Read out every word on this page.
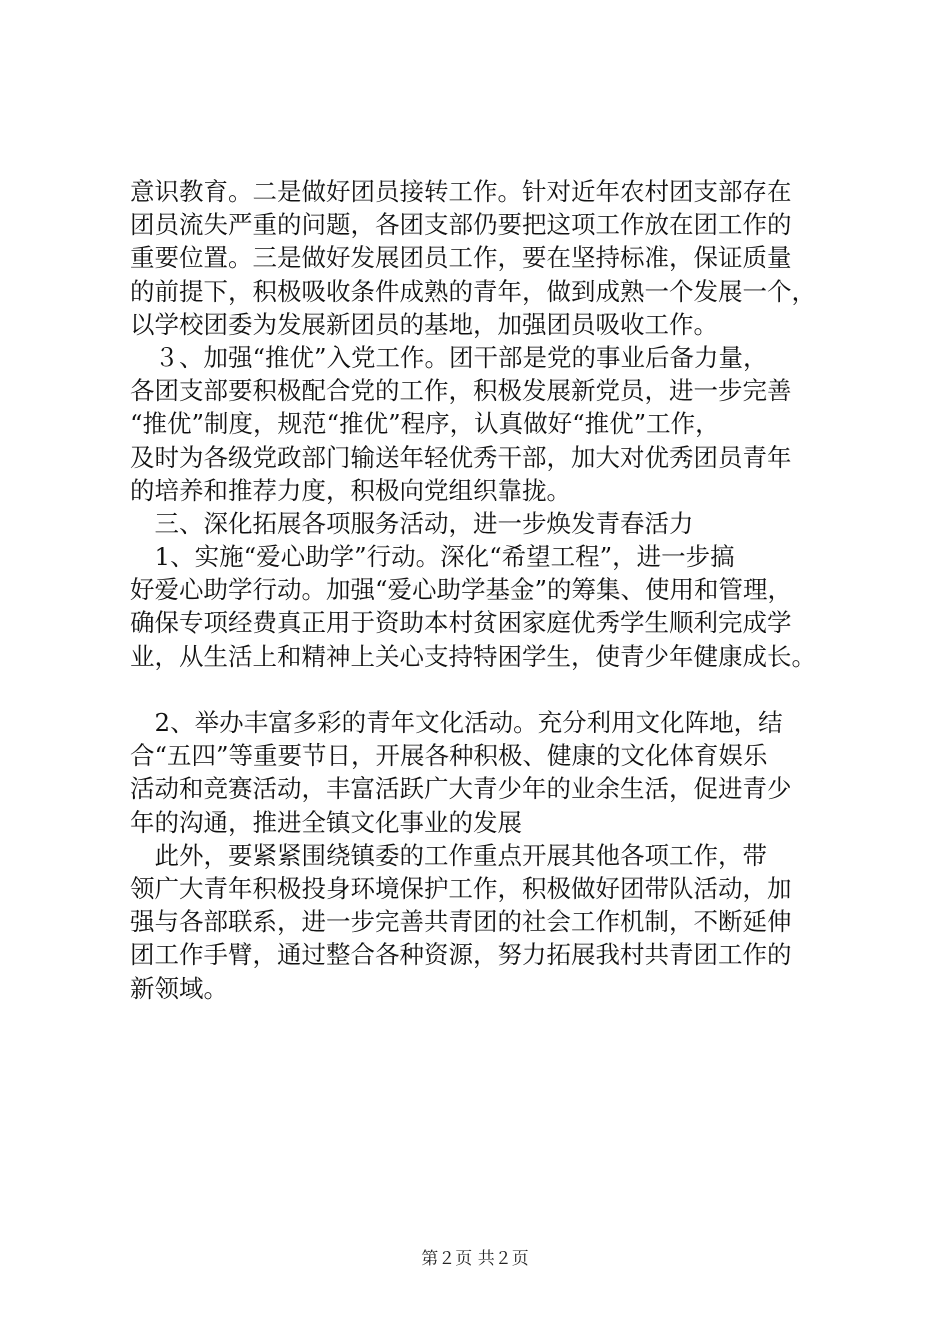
意识教育。二是做好团员接转工作。针对近年农村团支部存在
团员流失严重的问题，各团支部仍要把这项工作放在团工作的
重要位置。三是做好发展团员工作，要在坚持标准，保证质量
的前提下，积极吸收条件成熟的青年，做到成熟一个发展一个，
以学校团委为发展新团员的基地，加强团员吸收工作。
　３、加强“推优”入党工作。团干部是党的事业后备力量，
各团支部要积极配合党的工作，积极发展新党员，进一步完善
“推优”制度，规范“推优”程序，认真做好“推优”工作，
及时为各级党政部门输送年轻优秀干部，加大对优秀团员青年
的培养和推荐力度，积极向党组织靠拢。
　三、深化拓展各项服务活动，进一步焕发青春活力
　1、实施“爱心助学”行动。深化“希望工程”，进一步搞
好爱心助学行动。加强“爱心助学基金”的筹集、使用和管理，
确保专项经费真正用于资助本村贫困家庭优秀学生顺利完成学
业，从生活上和精神上关心支持特困学生，使青少年健康成长。
　2、举办丰富多彩的青年文化活动。充分利用文化阵地，结
合“五四”等重要节日，开展各种积极、健康的文化体育娱乐
活动和竞赛活动，丰富活跃广大青少年的业余生活，促进青少
年的沟通，推进全镇文化事业的发展
　此外，要紧紧围绕镇委的工作重点开展其他各项工作，带
领广大青年积极投身环境保护工作，积极做好团带队活动，加
强与各部联系，进一步完善共青团的社会工作机制，不断延伸
团工作手臂，通过整合各种资源，努力拓展我村共青团工作的
新领域。
第２页 共２页
